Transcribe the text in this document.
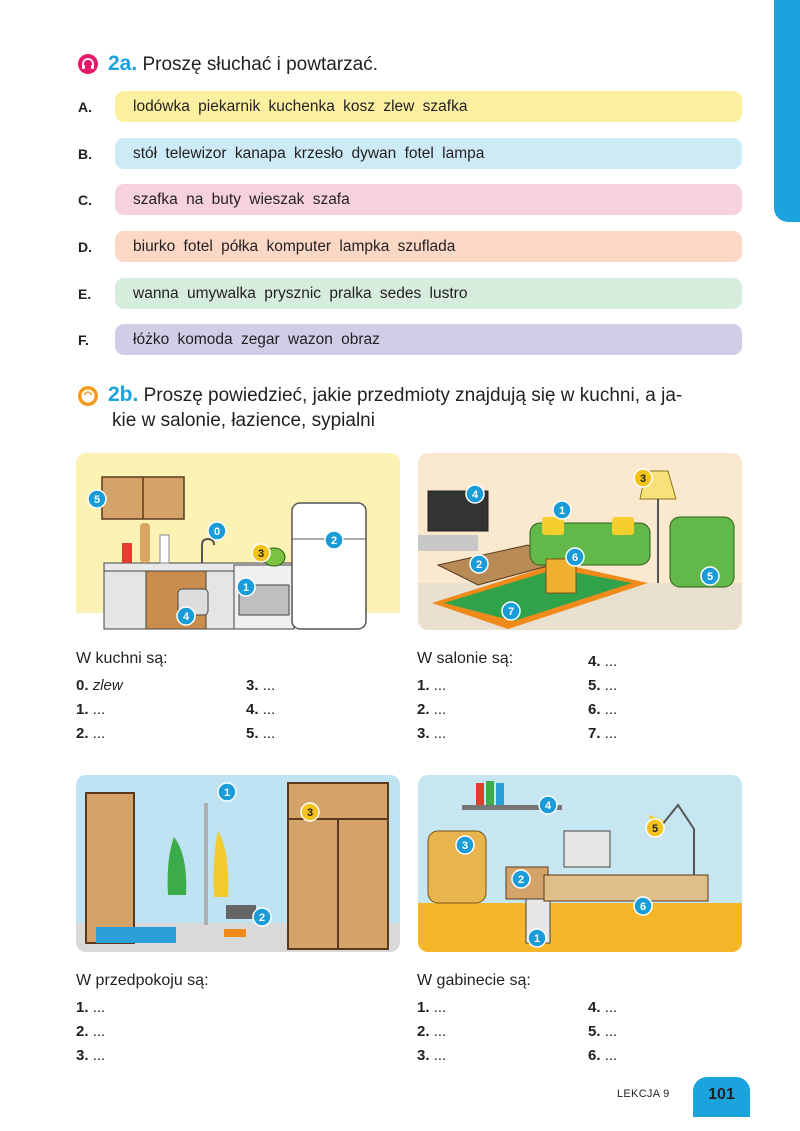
2a. Proszę słuchać i powtarzać.
A.	lodówka piekarnik kuchenka kosz zlew szafka
B.	stół telewizor kanapa krzesło dywan fotel lampa
C.	szafka na buty wieszak szafa
D.	biurko fotel półka komputer lampka szuflada
E.	wanna umywalka prysznic pralka sedes lustro
F.	łóżko komoda zegar wazon obraz
2b. Proszę powiedzieć, jakie przedmioty znajdują się w kuchni, a ja-
kie w salonie, łazience, sypialni
0
1
2
3
4
5
1
2
3
4
5
6
7
W kuchni są:
0. zlew
1. ...
2. ...
3. ...
4. ...
5. ...
W salonie są:
1. ...
2. ...
3. ...
4. ...
5. ...
6. ...
7. ...
1
2
3
1
2
3
4
5
6
W przedpokoju są:
1. ...
2. ...
3. ...
W gabinecie są:
1. ...
2. ...
3. ...
4. ...
5. ...
6. ...
LEKCJA 9	101
